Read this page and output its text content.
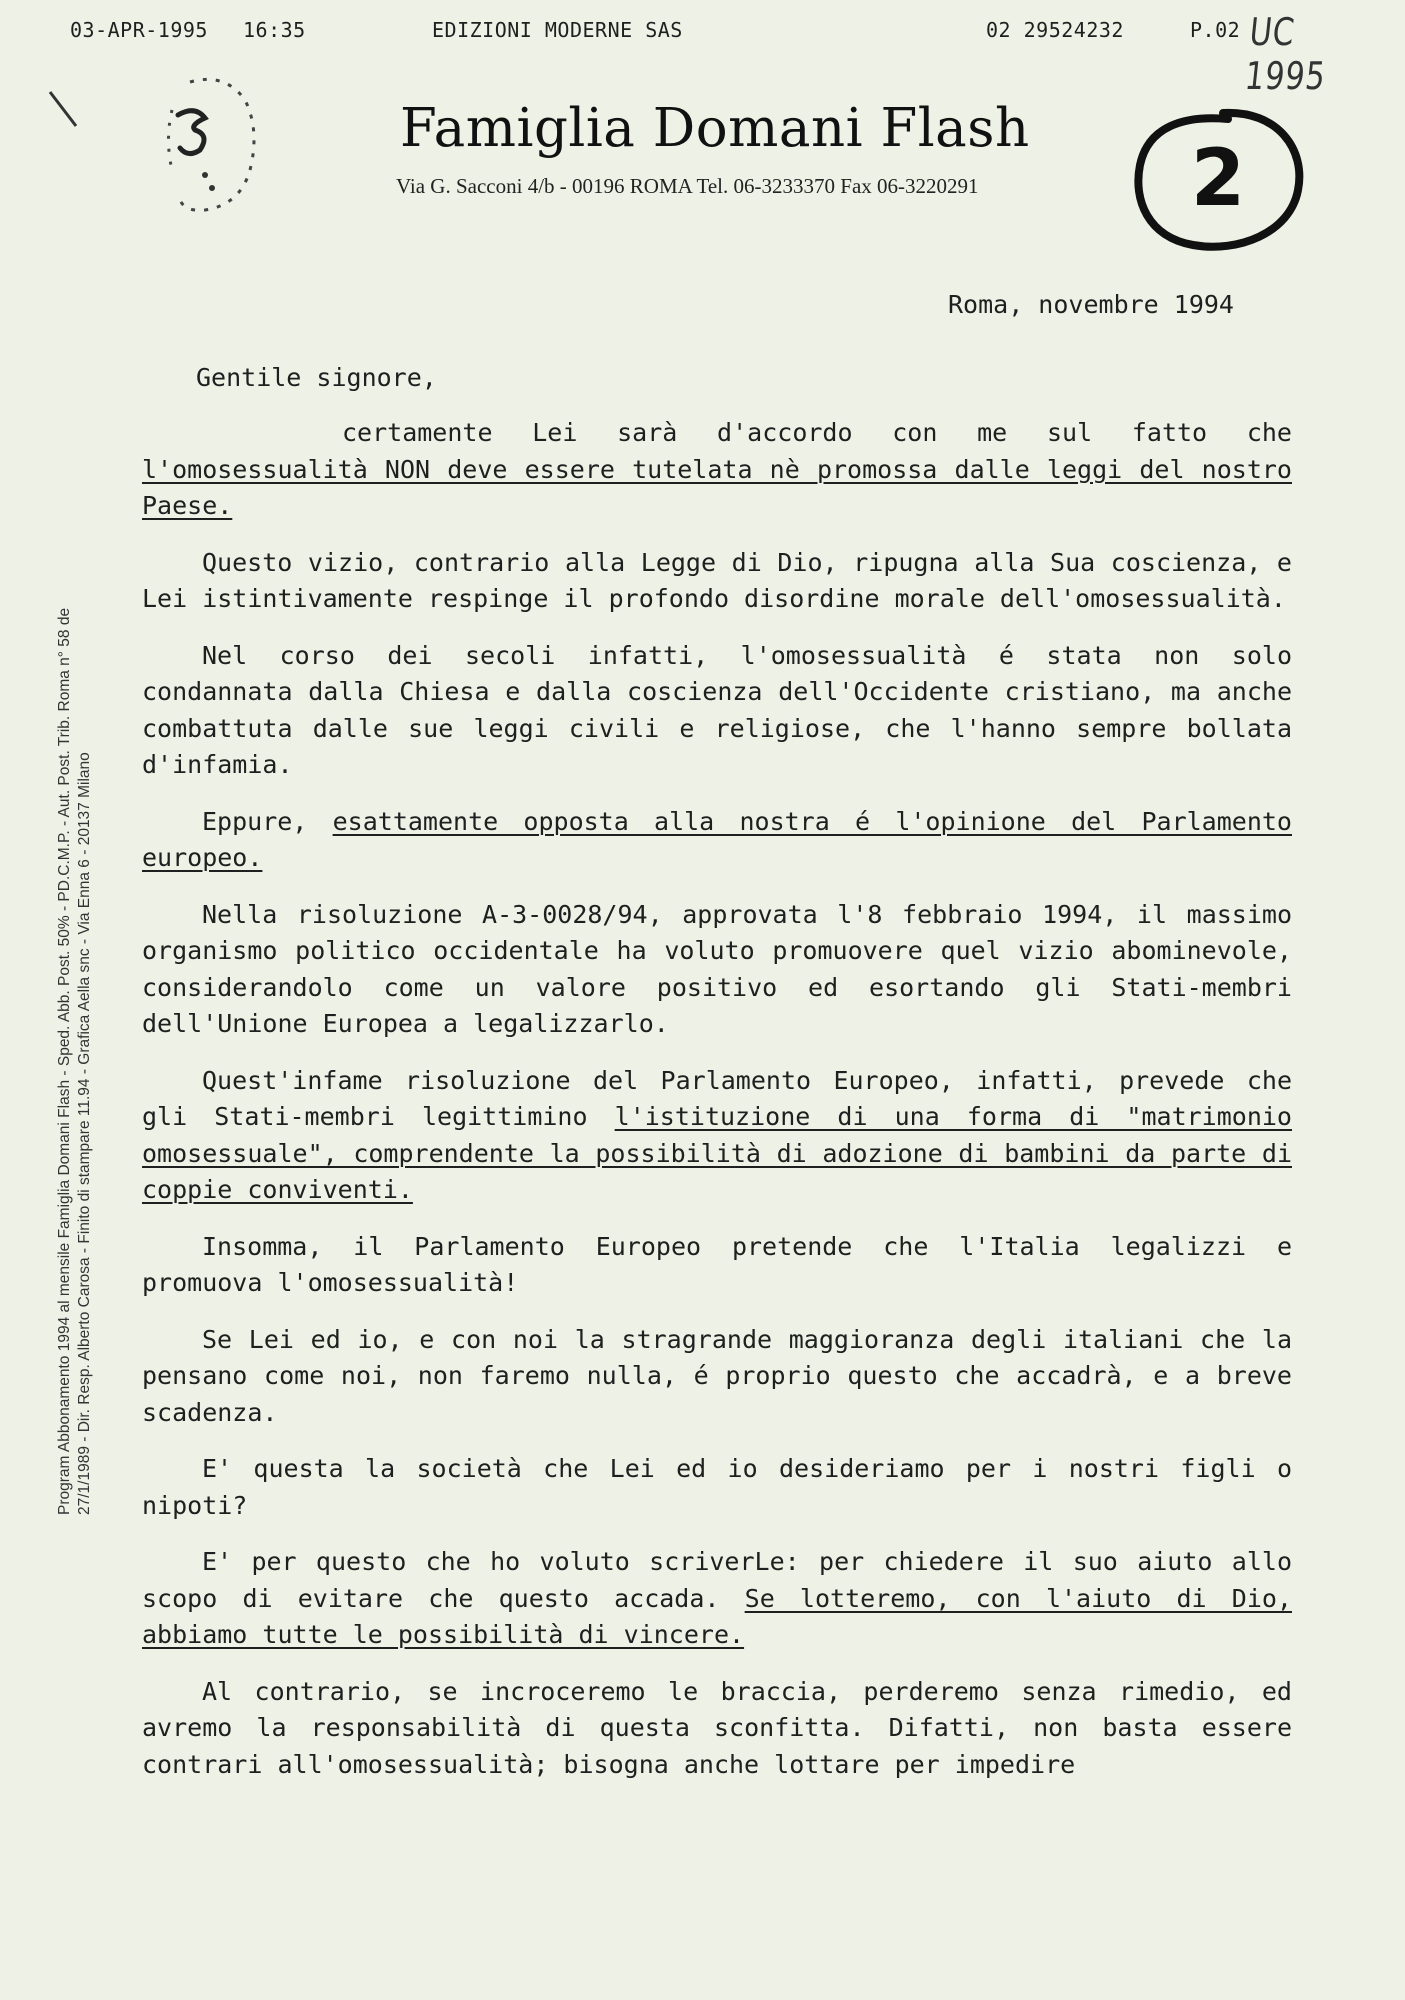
03-APR-1995 16:35	EDIZIONI MODERNE SAS	02 29524232	P.02 UC 1995
2
Famiglia Domani Flash
Via G. Sacconi 4/b - 00196 ROMA Tel. 06-3233370 Fax 06-3220291
Roma, novembre 1994
Gentile signore,

certamente Lei sarà d'accordo con me sul fatto che l'omosessualità NON deve essere tutelata nè promossa dalle leggi del nostro Paese.

Questo vizio, contrario alla Legge di Dio, ripugna alla Sua coscienza, e Lei istintivamente respinge il profondo disordine morale dell'omosessualità.

Nel corso dei secoli infatti, l'omosessualità é stata non solo condannata dalla Chiesa e dalla coscienza dell'Occidente cristiano, ma anche combattuta dalle sue leggi civili e religiose, che l'hanno sempre bollata d'infamia.

Eppure, esattamente opposta alla nostra é l'opinione del Parlamento europeo.

Nella risoluzione A-3-0028/94, approvata l'8 febbraio 1994, il massimo organismo politico occidentale ha voluto promuovere quel vizio abominevole, considerandolo come un valore positivo ed esortando gli Stati-membri dell'Unione Europea a legalizzarlo.

Quest'infame risoluzione del Parlamento Europeo, infatti, prevede che gli Stati-membri legittimino l'istituzione di una forma di "matrimonio omosessuale", comprendente la possibilità di adozione di bambini da parte di coppie conviventi.

Insomma, il Parlamento Europeo pretende che l'Italia legalizzi e promuova l'omosessualità!

Se Lei ed io, e con noi la stragrande maggioranza degli italiani che la pensano come noi, non faremo nulla, é proprio questo che accadrà, e a breve scadenza.

E' questa la società che Lei ed io desideriamo per i nostri figli o nipoti?

E' per questo che ho voluto scriverLe: per chiedere il suo aiuto allo scopo di evitare che questo accada. Se lotteremo, con l'aiuto di Dio, abbiamo tutte le possibilità di vincere.

Al contrario, se incroceremo le braccia, perderemo senza rimedio, ed avremo la responsabilità di questa sconfitta. Difatti, non basta essere contrari all'omosessualità; bisogna anche lottare per impedire

Program Abbonamento 1994 al mensile Famiglia Domani Flash - Sped. Abb. Post. 50% - PD.C.M.P. - Aut. Post. Trib. Roma n° 58 de 27/1/1989 - Dir. Resp. Alberto Carosa - Finito di stampare 11.94 - Grafica Aella snc - Via Enna 6 - 20137 Milano
